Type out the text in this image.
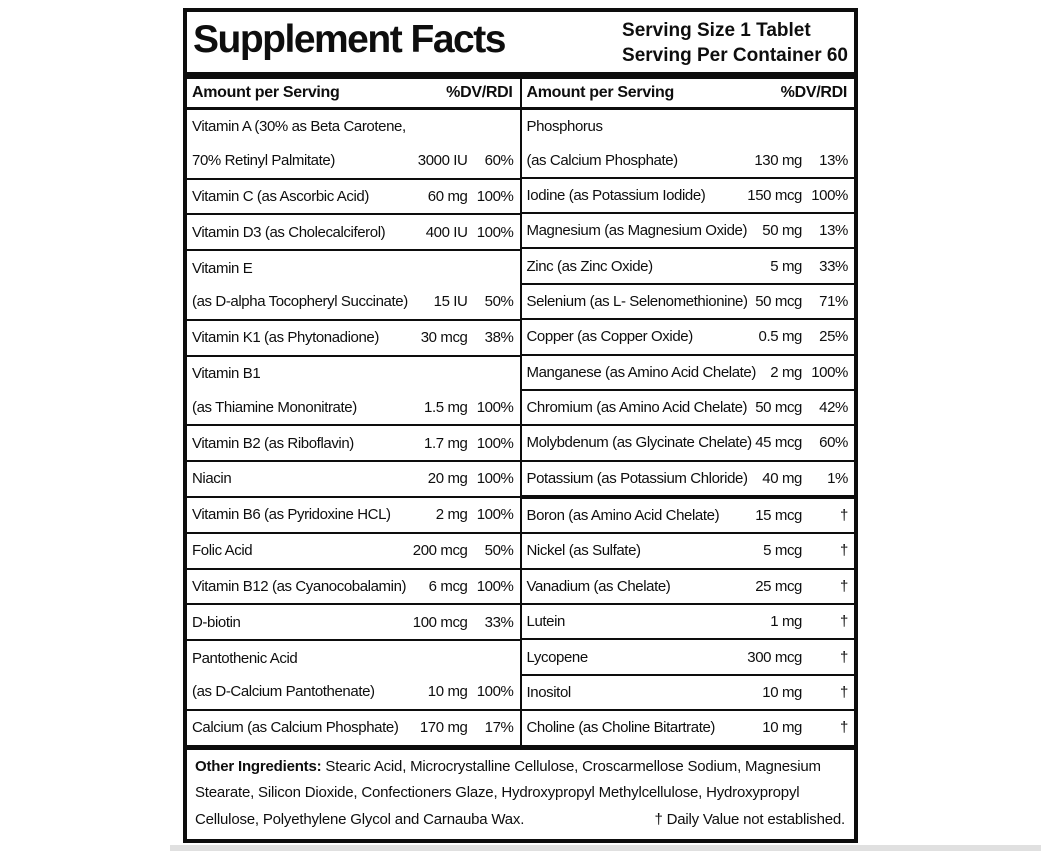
Supplement Facts	Serving Size 1 Tablet
Serving Per Container 60
Amount per Serving	%DV/RDI
Vitamin A (30% as Beta Carotene,
70% Retinyl Palmitate)	3000 IU	60%
Vitamin C (as Ascorbic Acid)	60 mg 100%
Vitamin D3 (as Cholecalciferol)	400 IU 100%
Vitamin E
(as D-alpha Tocopheryl Succinate)	15 IU	50%
Vitamin K1 (as Phytonadione)	30 mcg	38%
Vitamin B1
(as Thiamine Mononitrate)	1.5 mg 100%
Vitamin B2 (as Riboflavin)	1.7 mg 100%
Niacin	20 mg 100%
Vitamin B6 (as Pyridoxine HCL)	2 mg 100%
Folic Acid	200 mcg	50%
Vitamin B12 (as Cyanocobalamin)	6 mcg 100%
D-biotin	100 mcg	33%
Pantothenic Acid
(as D-Calcium Pantothenate)	10 mg 100%
Calcium (as Calcium Phosphate)	170 mg	17%
Amount per Serving	%DV/RDI
Phosphorus
(as Calcium Phosphate)	130 mg	13%
Iodine (as Potassium Iodide)	150 mcg 100%
Magnesium (as Magnesium Oxide)	50 mg	13%
Zinc (as Zinc Oxide)	5 mg	33%
Selenium (as L- Selenomethionine) 50 mcg	71%
Copper (as Copper Oxide)	0.5 mg	25%
Manganese (as Amino Acid Chelate) 2 mg 100%
Chromium (as Amino Acid Chelate) 50 mcg	42%
Molybdenum (as Glycinate Chelate) 45 mcg	60%
Potassium (as Potassium Chloride) 40 mg	1%
Boron (as Amino Acid Chelate)	15 mcg	†
Nickel (as Sulfate)	5 mcg	†
Vanadium (as Chelate)	25 mcg	†
Lutein	1 mg	†
Lycopene	300 mcg	†
Inositol	10 mg	†
Choline (as Choline Bitartrate)	10 mg	†
Other Ingredients: Stearic Acid, Microcrystalline Cellulose, Croscarmellose Sodium, Magnesium Stearate, Silicon Dioxide, Confectioners Glaze, Hydroxypropyl Methylcellulose, Hydroxypropyl Cellulose, Polyethylene Glycol and Carnauba Wax.	† Daily Value not established.
